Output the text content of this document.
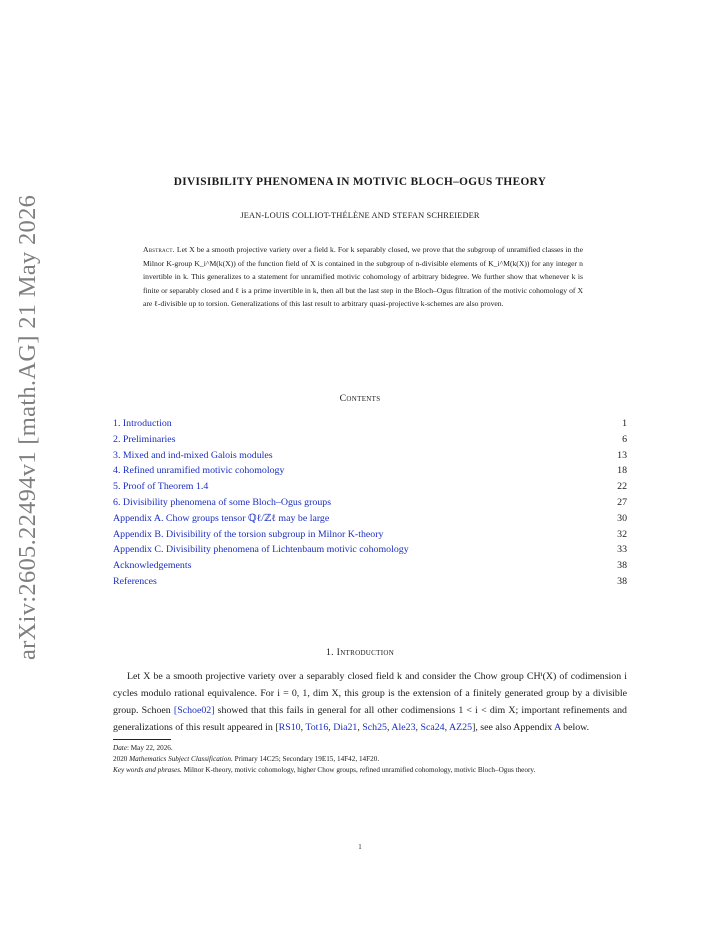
arXiv:2605.22494v1 [math.AG] 21 May 2026
DIVISIBILITY PHENOMENA IN MOTIVIC BLOCH–OGUS THEORY
JEAN-LOUIS COLLIOT-THÉLÈNE AND STEFAN SCHREIEDER
Abstract. Let X be a smooth projective variety over a field k. For k separably closed, we prove that the subgroup of unramified classes in the Milnor K-group K_i^M(k(X)) of the function field of X is contained in the subgroup of n-divisible elements of K_i^M(k(X)) for any integer n invertible in k. This generalizes to a statement for unramified motivic cohomology of arbitrary bidegree. We further show that whenever k is finite or separably closed and ℓ is a prime invertible in k, then all but the last step in the Bloch–Ogus filtration of the motivic cohomology of X are ℓ-divisible up to torsion. Generalizations of this last result to arbitrary quasi-projective k-schemes are also proven.
Contents
1. Introduction	1
2. Preliminaries	6
3. Mixed and ind-mixed Galois modules	13
4. Refined unramified motivic cohomology	18
5. Proof of Theorem 1.4	22
6. Divisibility phenomena of some Bloch–Ogus groups	27
Appendix A. Chow groups tensor ℚℓ/ℤℓ may be large	30
Appendix B. Divisibility of the torsion subgroup in Milnor K-theory	32
Appendix C. Divisibility phenomena of Lichtenbaum motivic cohomology	33
Acknowledgements	38
References	38
1. Introduction

Let X be a smooth projective variety over a separably closed field k and consider the Chow group CHⁱ(X) of codimension i cycles modulo rational equivalence. For i = 0, 1, dim X, this group is the extension of a finitely generated group by a divisible group. Schoen [Schoe02] showed that this fails in general for all other codimensions 1 < i < dim X; important refinements and generalizations of this result appeared in [RS10, Tot16, Dia21, Sch25, Ale23, Sca24, AZ25], see also Appendix A below.

Date: May 22, 2026.

2020 Mathematics Subject Classification. Primary 14C25; Secondary 19E15, 14F42, 14F20.

Key words and phrases. Milnor K-theory, motivic cohomology, higher Chow groups, refined unramified cohomology, motivic Bloch–Ogus theory.

1
